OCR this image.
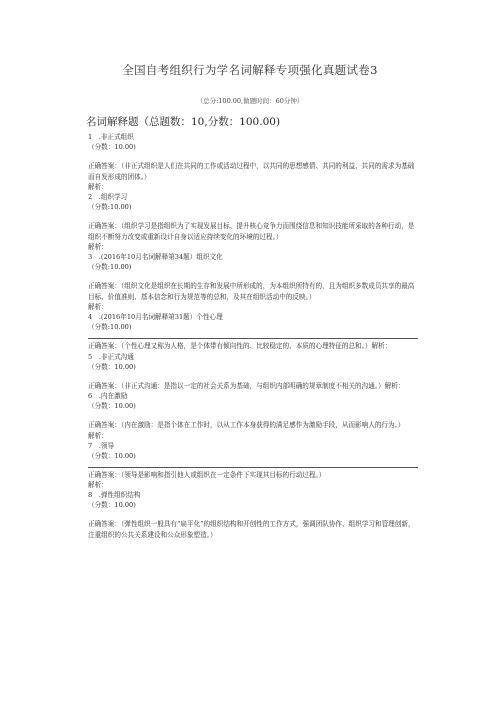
全国自考组织行为学名词解释专项强化真题试卷3
（总分:100.00,做题时间：60分钟）
名词解释题（总题数：10,分数：100.00)
1　.非正式组织
（分数：10.00)
正确答案：（非正式组织是人们在共同的工作或活动过程中，以共同的思想感情、共同的利益、共同的需求为基础而自发形成的团体。）
解析：
2　.组织学习
（分数:10.00)
正确答案：（组织学习是指组织为了实现发展目标、提升核心竞争力而围绕信息和知识技能所采取的各种行动，是组织不断努力改变或重新设计自身以适应持续变化的环境的过程。）
解析：
3　.(2016年10月名词解释第34题）组织文化
（分数:10.00)
正确答案：（组织文化是组织在长期的生存和发展中所形成的，为本组织所特有的，且为组织多数成员共享的最高目标、价值准则、基本信念和行为规范等的总和，及其在组织活动中的反映。）
解析：
4　.(2016年10月名词解释第31题）个性心理
（分数:10.00)
正确答案：（个性心理又称为人格，是个体带有倾向性的、比较稳定的、本质的心理特征的总和。）解析：
5　.非正式沟通
（分数：10.00)
正确答案：（非正式沟通：是指以一定的社会关系为基础，与组织内部明确的规章制度不相关的沟通。）解析：
6　.内在激励
（分数：10.00)
正确答案：（内在激励：是指个体在工作时，以从工作本身获得的满足感作为激励手段，从而影响人的行为。）
解析：
7　.领导
（分数：10.00)
正确答案：（领导是影响和指引他人或组织在一定条件下实现其目标的行动过程。）
解析：
8　.弹性组织结构
（分数：10.00)
正确答案：（弹性组织一般具有“扁平化”的组织结构和开创性的工作方式，强调团队协作、组织学习和管理创新，注重组织的公共关系建设和公众形象塑造。）
